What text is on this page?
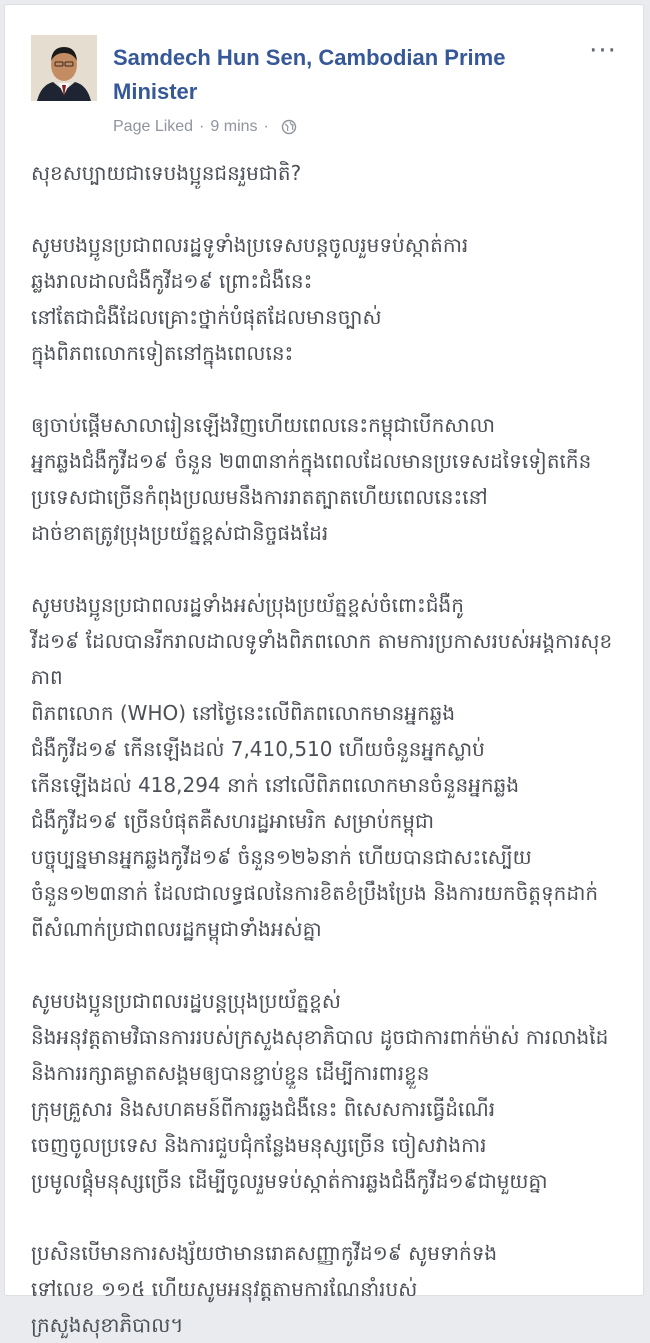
Samdech Hun Sen, Cambodian Prime Minister
···
Page Liked · 9 mins ·

សុខសប្បាយជាទេបងប្អូនជនរួមជាតិ?

សូមបងប្អូនប្រជាពលរដ្ឋទូទាំងប្រទេសបន្តចូលរួមទប់ស្កាត់ការ
ឆ្លងរាលដាលជំងឺកូវីដ១៩ ព្រោះជំងឺនេះ
នៅតែជាជំងឺដែលគ្រោះថ្នាក់បំផុតដែលមានច្បាស់
ក្នុងពិភពលោកទៀតនៅក្នុងពេលនេះ

ឲ្យចាប់ផ្តើមសាលារៀនឡើងវិញហើយពេលនេះកម្ពុជាបើកសាលា
អ្នកឆ្លងជំងឺកូវីដ១៩ ចំនួន ២៣៣នាក់ក្នុងពេលដែលមានប្រទេសដទៃទៀតកើន
ប្រទេសជាច្រើនកំពុងប្រឈមនឹងការរាតត្បាតហើយពេលនេះនៅ
ដាច់ខាតត្រូវប្រុងប្រយ័ត្នខ្ពស់ជានិច្ចផងដែរ

សូមបងប្អូនប្រជាពលរដ្ឋទាំងអស់ប្រុងប្រយ័ត្នខ្ពស់ចំពោះជំងឺកូ
វីដ១៩ ដែលបានរីករាលដាលទូទាំងពិភពលោក តាមការប្រកាសរបស់អង្គការសុខភាព
ពិភពលោក (WHO) នៅថ្ងៃនេះលើពិភពលោកមានអ្នកឆ្លង
ជំងឺកូវីដ១៩ កើនឡើងដល់ 7,410,510 ហើយចំនួនអ្នកស្លាប់
កើនឡើងដល់ 418,294 នាក់ នៅលើពិភពលោកមានចំនួនអ្នកឆ្លង
ជំងឺកូវីដ១៩ ច្រើនបំផុតគឺសហរដ្ឋអាមេរិក សម្រាប់កម្ពុជា
បច្ចុប្បន្នមានអ្នកឆ្លងកូវីដ១៩ ចំនួន១២៦នាក់ ហើយបានជាសះស្បើយ
ចំនួន១២៣នាក់ ដែលជាលទ្ធផលនៃការខិតខំប្រឹងប្រែង និងការយកចិត្តទុកដាក់
ពីសំណាក់ប្រជាពលរដ្ឋកម្ពុជាទាំងអស់គ្នា

សូមបងប្អូនប្រជាពលរដ្ឋបន្តប្រុងប្រយ័ត្នខ្ពស់
និងអនុវត្តតាមវិធានការរបស់ក្រសួងសុខាភិបាល ដូចជាការពាក់ម៉ាស់ ការលាងដៃ
និងការរក្សាគម្លាតសង្គមឲ្យបានខ្ជាប់ខ្ជួន ដើម្បីការពារខ្លួន
ក្រុមគ្រួសារ និងសហគមន៍ពីការឆ្លងជំងឺនេះ ពិសេសការធ្វើដំណើរ
ចេញចូលប្រទេស និងការជួបជុំកន្លែងមនុស្សច្រើន ចៀសវាងការ
ប្រមូលផ្តុំមនុស្សច្រើន ដើម្បីចូលរួមទប់ស្កាត់ការឆ្លងជំងឺកូវីដ១៩ជាមួយគ្នា

ប្រសិនបើមានការសង្ស័យថាមានរោគសញ្ញាកូវីដ១៩ សូមទាក់ទង
ទៅលេខ ១១៥ ហើយសូមអនុវត្តតាមការណែនាំរបស់
ក្រសួងសុខាភិបាល។
